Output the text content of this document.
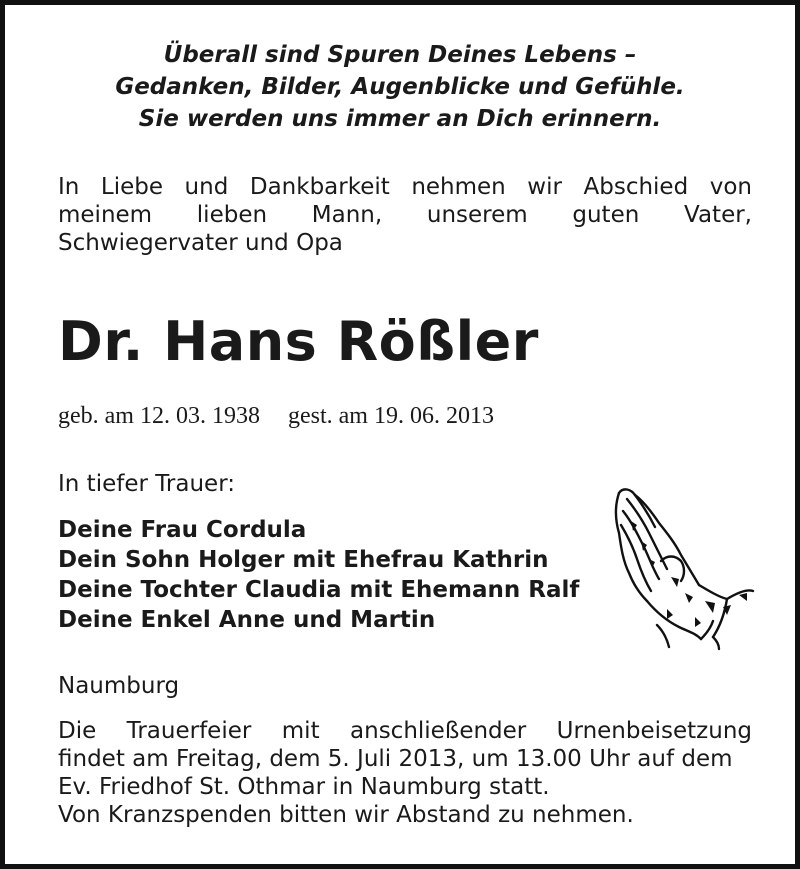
Überall sind Spuren Deines Lebens –
Gedanken, Bilder, Augenblicke und Gefühle.
Sie werden uns immer an Dich erinnern.
In Liebe und Dankbarkeit nehmen wir Abschied von
meinem lieben Mann, unserem guten Vater,
Schwiegervater und Opa
Dr. Hans Rößler
geb. am 12. 03. 1938 gest. am 19. 06. 2013
In tiefer Trauer:
Deine Frau Cordula
Dein Sohn Holger mit Ehefrau Kathrin
Deine Tochter Claudia mit Ehemann Ralf
Deine Enkel Anne und Martin
Naumburg
Die Trauerfeier mit anschließender Urnenbeisetzung
findet am Freitag, dem 5. Juli 2013, um 13.00 Uhr auf dem
Ev. Friedhof St. Othmar in Naumburg statt.
Von Kranzspenden bitten wir Abstand zu nehmen.
